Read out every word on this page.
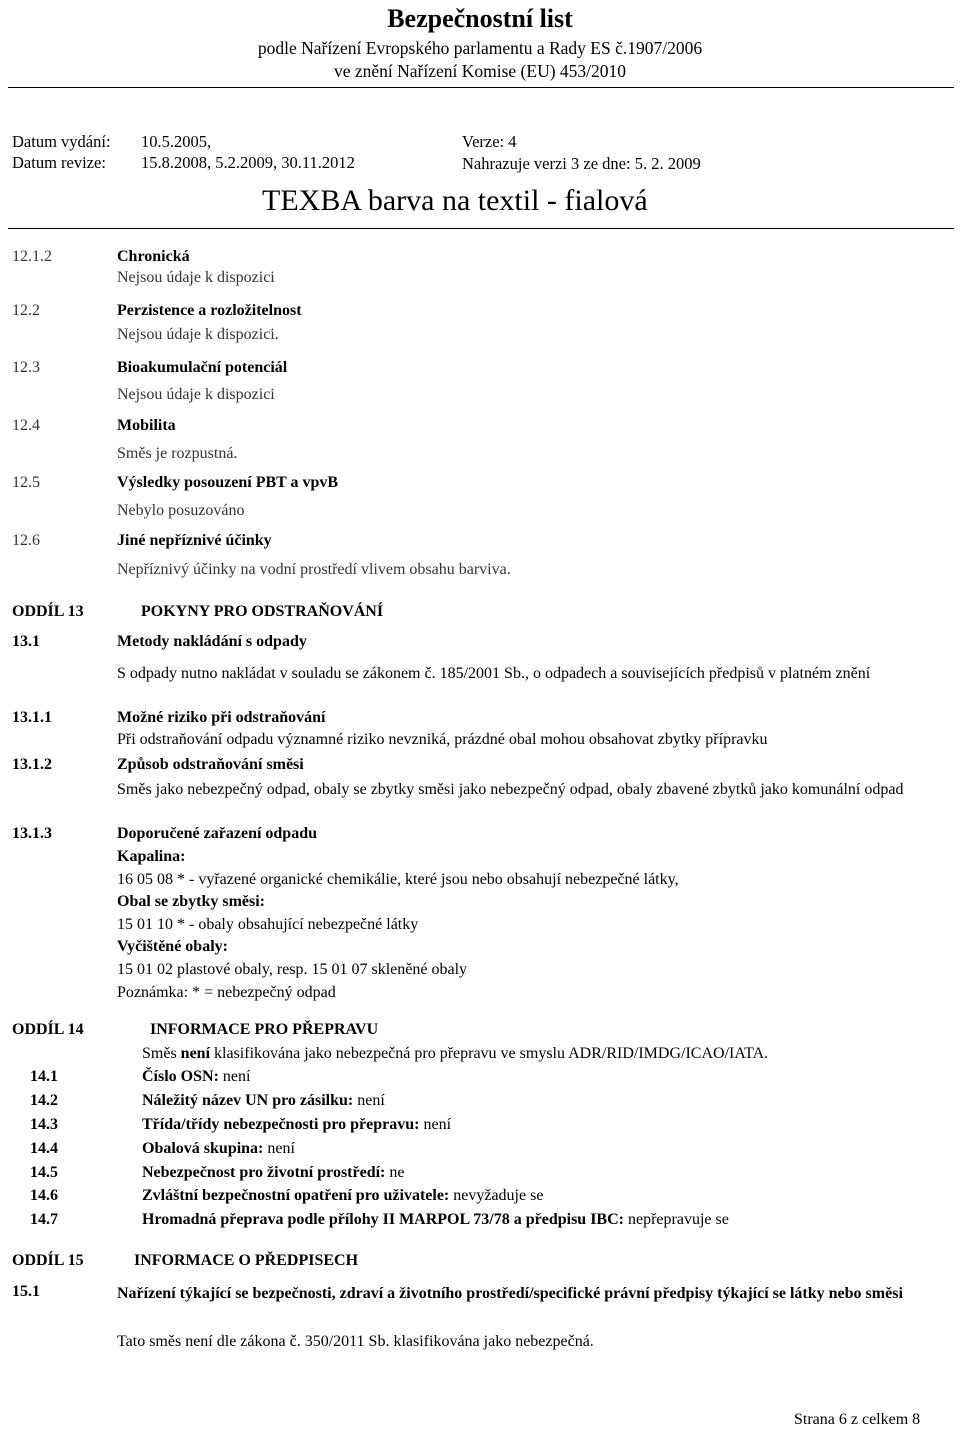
Bezpečnostní list
podle Nařízení Evropského parlamentu a Rady ES č.1907/2006
ve znění Nařízení Komise (EU) 453/2010
Datum vydání: 10.5.2005,
Datum revize: 15.8.2008, 5.2.2009, 30.11.2012
Verze: 4
Nahrazuje verzi 3 ze dne: 5. 2. 2009
TEXBA barva na textil - fialová
12.1.2	Chronická
Nejsou údaje k dispozici
12.2	Perzistence a rozložitelnost
Nejsou údaje k dispozici.
12.3	Bioakumulační potenciál
Nejsou údaje k dispozici
12.4	Mobilita
Směs je rozpustná.
12.5	Výsledky posouzení PBT a vpvB
Nebylo posuzováno
12.6	Jiné nepříznivé účinky
Nepříznivý účinky na vodní prostředí vlivem obsahu barviva.
ODDÍL 13	POKYNY PRO ODSTRAŇOVÁNÍ
13.1	Metody nakládání s odpady
S odpady nutno nakládat v souladu se zákonem č. 185/2001 Sb., o odpadech a souvisejících předpisů v platném znění
13.1.1	Možné riziko při odstraňování
Při odstraňování odpadu významné riziko nevzniká, prázdné obal mohou obsahovat zbytky přípravku
13.1.2	Způsob odstraňování směsi
Směs jako nebezpečný odpad, obaly se zbytky směsi jako nebezpečný odpad, obaly zbavené zbytků jako komunální odpad
13.1.3	Doporučené zařazení odpadu
Kapalina:
16 05 08 * - vyřazené organické chemikálie, které jsou nebo obsahují nebezpečné látky,
Obal se zbytky směsi:
15 01 10 * - obaly obsahující nebezpečné látky
Vyčištěné obaly:
15 01 02 plastové obaly, resp. 15 01 07 skleněné obaly
Poznámka: * = nebezpečný odpad
ODDÍL 14	INFORMACE PRO PŘEPRAVU
Směs není klasifikována jako nebezpečná pro přepravu ve smyslu ADR/RID/IMDG/ICAO/IATA.
14.1	Číslo OSN: není
14.2	Náležitý název UN pro zásilku: není
14.3	Třída/třídy nebezpečnosti pro přepravu: není
14.4	Obalová skupina: není
14.5	Nebezpečnost pro životní prostředí: ne
14.6	Zvláštní bezpečnostní opatření pro uživatele: nevyžaduje se
14.7	Hromadná přeprava podle přílohy II MARPOL 73/78 a předpisu IBC: nepřepravuje se
ODDÍL 15	INFORMACE O PŘEDPISECH
15.1	Nařízení týkající se bezpečnosti, zdraví a životního prostředí/specifické právní předpisy týkající se látky nebo směsi
Tato směs není dle zákona č. 350/2011 Sb. klasifikována jako nebezpečná.
Strana 6 z celkem 8
